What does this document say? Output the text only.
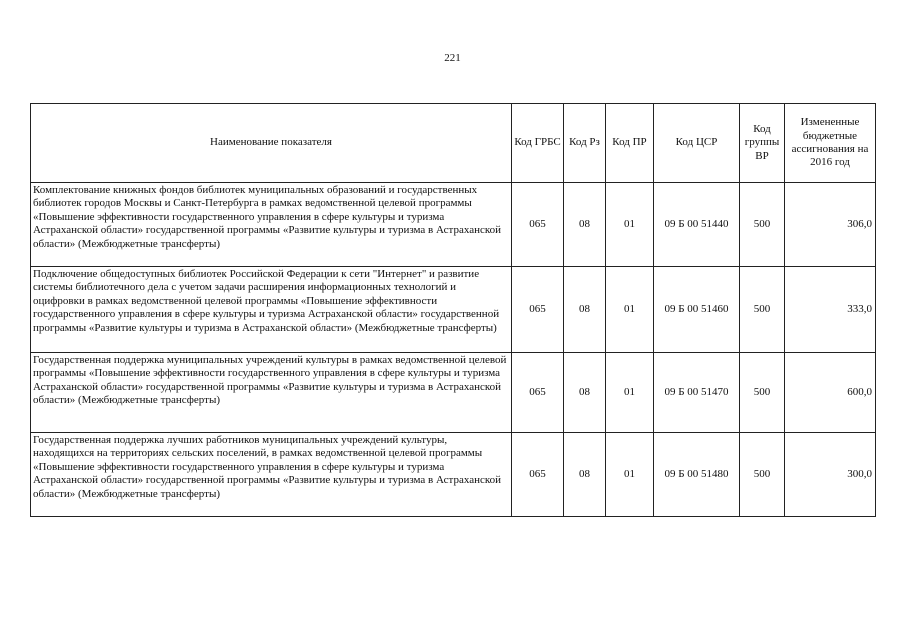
221
Наименование показателя	Код ГРБС	Код Рз	Код ПР	Код ЦСР	Код группы ВР	Измененные бюджетные ассигнования на 2016 год
Комплектование книжных фондов библиотек муниципальных образований и государственных библиотек городов Москвы и Санкт-Петербурга в рамках ведомственной целевой программы «Повышение эффективности государственного управления в сфере культуры и туризма Астраханской области» государственной программы «Развитие культуры и туризма в Астраханской области» (Межбюджетные трансферты)	065	08	01	09 Б 00 51440	500	306,0
Подключение общедоступных библиотек Российской Федерации к сети "Интернет" и развитие системы библиотечного дела с учетом задачи расширения информационных технологий и оцифровки в рамках ведомственной целевой программы «Повышение эффективности государственного управления в сфере культуры и туризма Астраханской области» государственной программы «Развитие культуры и туризма в Астраханской области» (Межбюджетные трансферты)	065	08	01	09 Б 00 51460	500	333,0
Государственная поддержка муниципальных учреждений культуры в рамках ведомственной целевой программы «Повышение эффективности государственного управления в сфере культуры и туризма Астраханской области» государственной программы «Развитие культуры и туризма в Астраханской области» (Межбюджетные трансферты)	065	08	01	09 Б 00 51470	500	600,0
Государственная поддержка лучших работников муниципальных учреждений культуры, находящихся на территориях сельских поселений, в рамках ведомственной целевой программы «Повышение эффективности государственного управления в сфере культуры и туризма Астраханской области» государственной программы «Развитие культуры и туризма в Астраханской области» (Межбюджетные трансферты)	065	08	01	09 Б 00 51480	500	300,0
